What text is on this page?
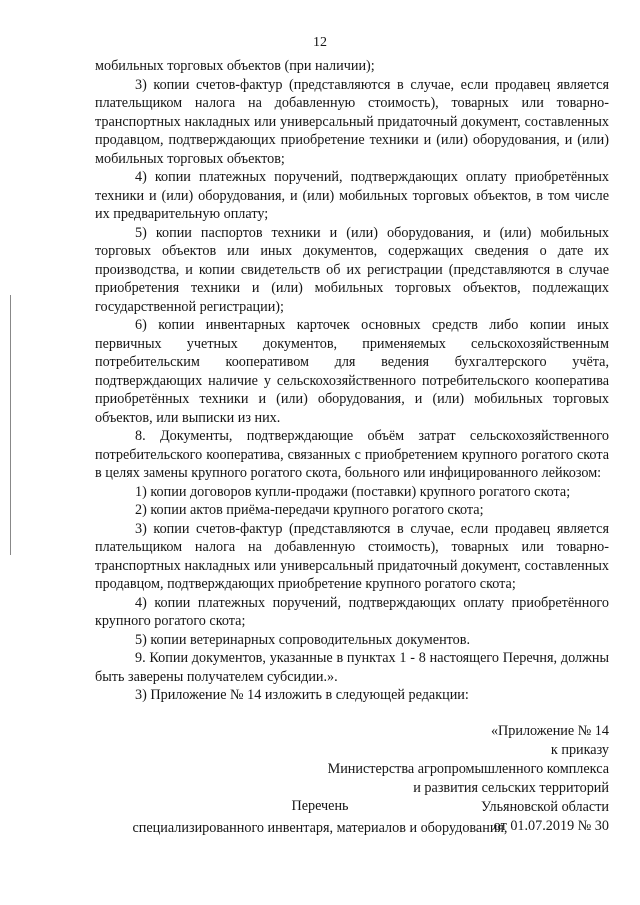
12

мобильных торговых объектов (при наличии);

3) копии счетов-фактур (представляются в случае, если продавец является плательщиком налога на добавленную стоимость), товарных или товарно-транспортных накладных или универсальный придаточный документ, составленных продавцом, подтверждающих приобретение техники и (или) оборудования, и (или) мобильных торговых объектов;

4) копии платежных поручений, подтверждающих оплату приобретённых техники и (или) оборудования, и (или) мобильных торговых объектов, в том числе их предварительную оплату;

5) копии паспортов техники и (или) оборудования, и (или) мобильных торговых объектов или иных документов, содержащих сведения о дате их производства, и копии свидетельств об их регистрации (представляются в случае приобретения техники и (или) мобильных торговых объектов, подлежащих государственной регистрации);

6) копии инвентарных карточек основных средств либо копии иных первичных учетных документов, применяемых сельскохозяйственным потребительским кооперативом для ведения бухгалтерского учёта, подтверждающих наличие у сельскохозяйственного потребительского кооператива приобретённых техники и (или) оборудования, и (или) мобильных торговых объектов, или выписки из них.

8. Документы, подтверждающие объём затрат сельскохозяйственного потребительского кооператива, связанных с приобретением крупного рогатого скота в целях замены крупного рогатого скота, больного или инфицированного лейкозом:

1) копии договоров купли-продажи (поставки) крупного рогатого скота;

2) копии актов приёма-передачи крупного рогатого скота;

3) копии счетов-фактур (представляются в случае, если продавец является плательщиком налога на добавленную стоимость), товарных или товарно-транспортных накладных или универсальный придаточный документ, составленных продавцом, подтверждающих приобретение крупного рогатого скота;

4) копии платежных поручений, подтверждающих оплату приобретённого крупного рогатого скота;

5) копии ветеринарных сопроводительных документов.

9. Копии документов, указанные в пунктах 1 - 8 настоящего Перечня, должны быть заверены получателем субсидии.».

3) Приложение № 14 изложить в следующей редакции:

«Приложение № 14
к приказу
Министерства агропромышленного комплекса
и развития сельских территорий
Ульяновской области
от 01.07.2019 № 30
Перечень
специализированного инвентаря, материалов и оборудования,
